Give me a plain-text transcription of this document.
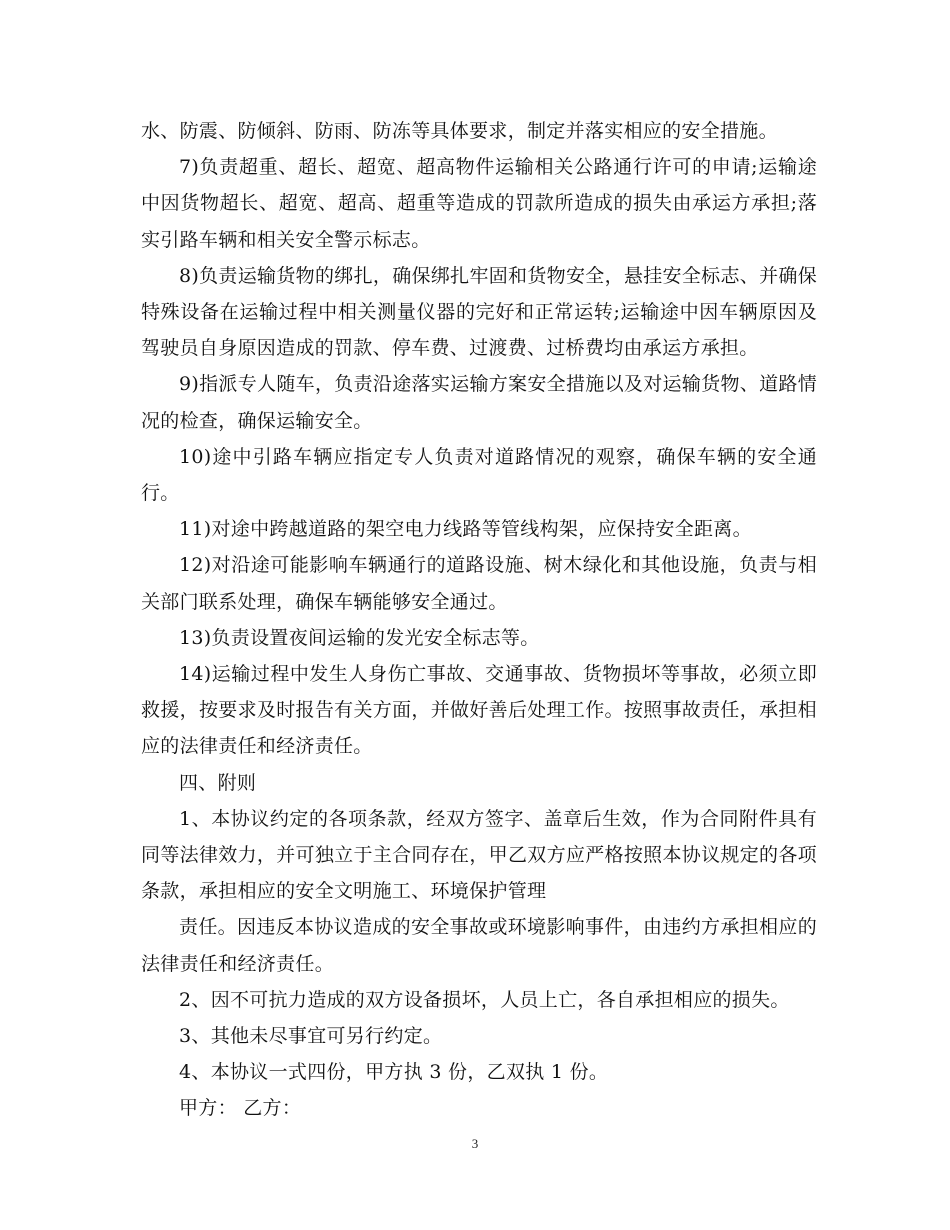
水、防震、防倾斜、防雨、防冻等具体要求，制定并落实相应的安全措施。

7)负责超重、超长、超宽、超高物件运输相关公路通行许可的申请;运输途中因货物超长、超宽、超高、超重等造成的罚款所造成的损失由承运方承担;落实引路车辆和相关安全警示标志。

8)负责运输货物的绑扎，确保绑扎牢固和货物安全，悬挂安全标志、并确保特殊设备在运输过程中相关测量仪器的完好和正常运转;运输途中因车辆原因及驾驶员自身原因造成的罚款、停车费、过渡费、过桥费均由承运方承担。

9)指派专人随车，负责沿途落实运输方案安全措施以及对运输货物、道路情况的检查，确保运输安全。

10)途中引路车辆应指定专人负责对道路情况的观察，确保车辆的安全通行。

11)对途中跨越道路的架空电力线路等管线构架，应保持安全距离。

12)对沿途可能影响车辆通行的道路设施、树木绿化和其他设施，负责与相关部门联系处理，确保车辆能够安全通过。

13)负责设置夜间运输的发光安全标志等。

14)运输过程中发生人身伤亡事故、交通事故、货物损坏等事故，必须立即救援，按要求及时报告有关方面，并做好善后处理工作。按照事故责任，承担相应的法律责任和经济责任。

四、附则

1、本协议约定的各项条款，经双方签字、盖章后生效，作为合同附件具有同等法律效力，并可独立于主合同存在，甲乙双方应严格按照本协议规定的各项条款，承担相应的安全文明施工、环境保护管理

责任。因违反本协议造成的安全事故或环境影响事件，由违约方承担相应的法律责任和经济责任。

2、因不可抗力造成的双方设备损坏，人员上亡，各自承担相应的损失。

3、其他未尽事宜可另行约定。

4、本协议一式四份，甲方执 3 份，乙双执 1 份。

甲方： 乙方：

3
